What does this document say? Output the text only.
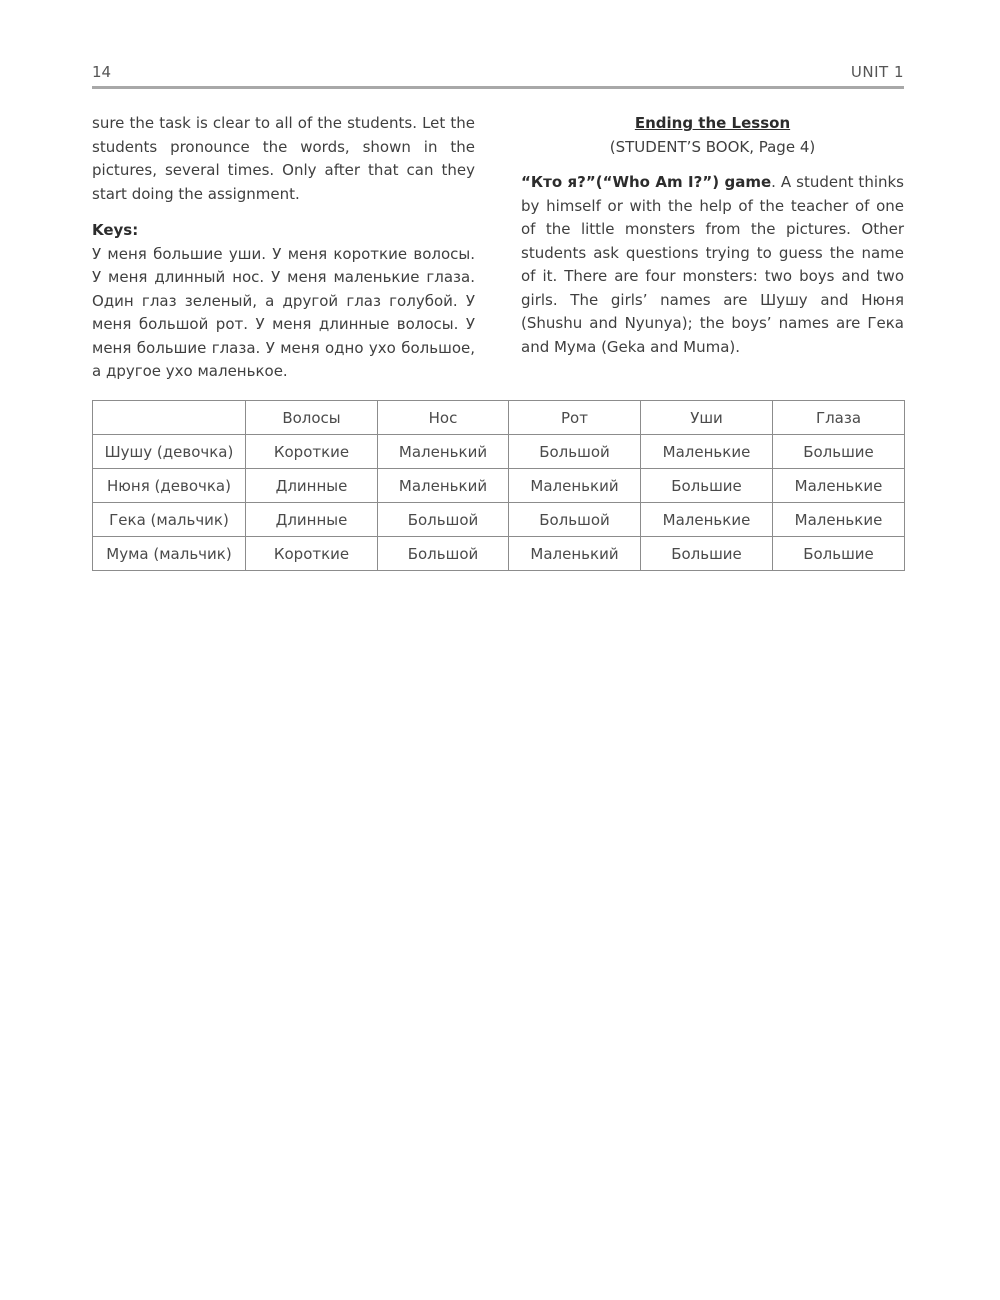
14	UNIT 1

sure the task is clear to all of the students. Let the students pronounce the words, shown in the pictures, several times. Only after that can they start doing the assignment.

Keys:

У меня большие уши. У меня короткие волосы. У меня длинный нос. У меня маленькие глаза. Один глаз зеленый, а другой глаз голубой. У меня большой рот. У меня длинные волосы. У меня большие глаза. У меня одно ухо большое, а другое ухо маленькое.

Ending the Lesson

(STUDENT’S BOOK, Page 4)

“Кто я?”(“Who Am I?”) game. A student thinks by himself or with the help of the teacher of one of the little monsters from the pictures. Other students ask questions trying to guess the name of it. There are four monsters: two boys and two girls. The girls’ names are Шушу and Нюня (Shushu and Nyunya); the boys’ names are Гека and Мума (Geka and Muma).

	Волосы	Нос	Рот	Уши	Глаза
Шушу (девочка)	Короткие	Маленький	Большой	Маленькие	Большие
Нюня (девочка)	Длинные	Маленький	Маленький	Большие	Маленькие
Гека (мальчик)	Длинные	Большой	Большой	Маленькие	Маленькие
Мума (мальчик)	Короткие	Большой	Маленький	Большие	Большие
